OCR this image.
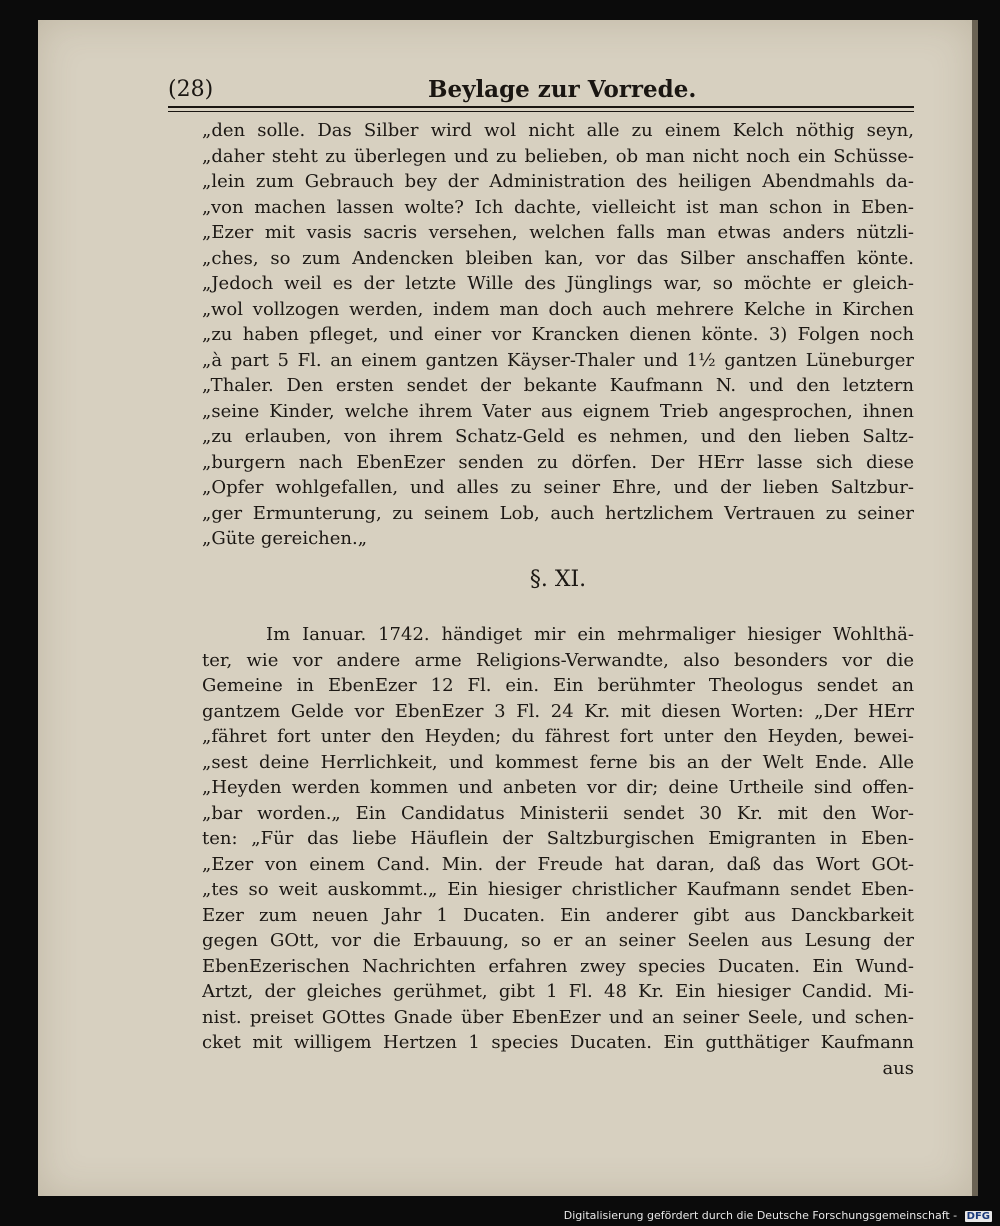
(28)	Beylage zur Vorrede.
„den solle. Das Silber wird wol nicht alle zu einem Kelch nöthig seyn,
„daher steht zu überlegen und zu belieben, ob man nicht noch ein Schüsse-
„lein zum Gebrauch bey der Administration des heiligen Abendmahls da-
„von machen lassen wolte? Ich dachte, vielleicht ist man schon in Eben-
„Ezer mit vasis sacris versehen, welchen falls man etwas anders nützli-
„ches, so zum Andencken bleiben kan, vor das Silber anschaffen könte.
„Jedoch weil es der letzte Wille des Jünglings war, so möchte er gleich-
„wol vollzogen werden, indem man doch auch mehrere Kelche in Kirchen
„zu haben pfleget, und einer vor Krancken dienen könte. 3) Folgen noch
„à part 5 Fl. an einem gantzen Käyser-Thaler und 1½ gantzen Lüneburger
„Thaler. Den ersten sendet der bekante Kaufmann N. und den letztern
„seine Kinder, welche ihrem Vater aus eignem Trieb angesprochen, ihnen
„zu erlauben, von ihrem Schatz-Geld es nehmen, und den lieben Saltz-
„burgern nach EbenEzer senden zu dörfen. Der HErr lasse sich diese
„Opfer wohlgefallen, und alles zu seiner Ehre, und der lieben Saltzbur-
„ger Ermunterung, zu seinem Lob, auch hertzlichem Vertrauen zu seiner
„Güte gereichen.„
§. XI.
Im Ianuar. 1742. händiget mir ein mehrmaliger hiesiger Wohlthä-
ter, wie vor andere arme Religions-Verwandte, also besonders vor die
Gemeine in EbenEzer 12 Fl. ein. Ein berühmter Theologus sendet an
gantzem Gelde vor EbenEzer 3 Fl. 24 Kr. mit diesen Worten: „Der HErr
„fähret fort unter den Heyden; du fährest fort unter den Heyden, bewei-
„sest deine Herrlichkeit, und kommest ferne bis an der Welt Ende. Alle
„Heyden werden kommen und anbeten vor dir; deine Urtheile sind offen-
„bar worden.„ Ein Candidatus Ministerii sendet 30 Kr. mit den Wor-
ten: „Für das liebe Häuflein der Saltzburgischen Emigranten in Eben-
„Ezer von einem Cand. Min. der Freude hat daran, daß das Wort GOt-
„tes so weit auskommt.„ Ein hiesiger christlicher Kaufmann sendet Eben-
Ezer zum neuen Jahr 1 Ducaten. Ein anderer gibt aus Danckbarkeit
gegen GOtt, vor die Erbauung, so er an seiner Seelen aus Lesung der
EbenEzerischen Nachrichten erfahren zwey species Ducaten. Ein Wund-
Artzt, der gleiches gerühmet, gibt 1 Fl. 48 Kr. Ein hiesiger Candid. Mi-
nist. preiset GOttes Gnade über EbenEzer und an seiner Seele, und schen-
cket mit willigem Hertzen 1 species Ducaten. Ein gutthätiger Kaufmann
aus
Digitalisierung gefördert durch die Deutsche Forschungsgemeinschaft - DFG
